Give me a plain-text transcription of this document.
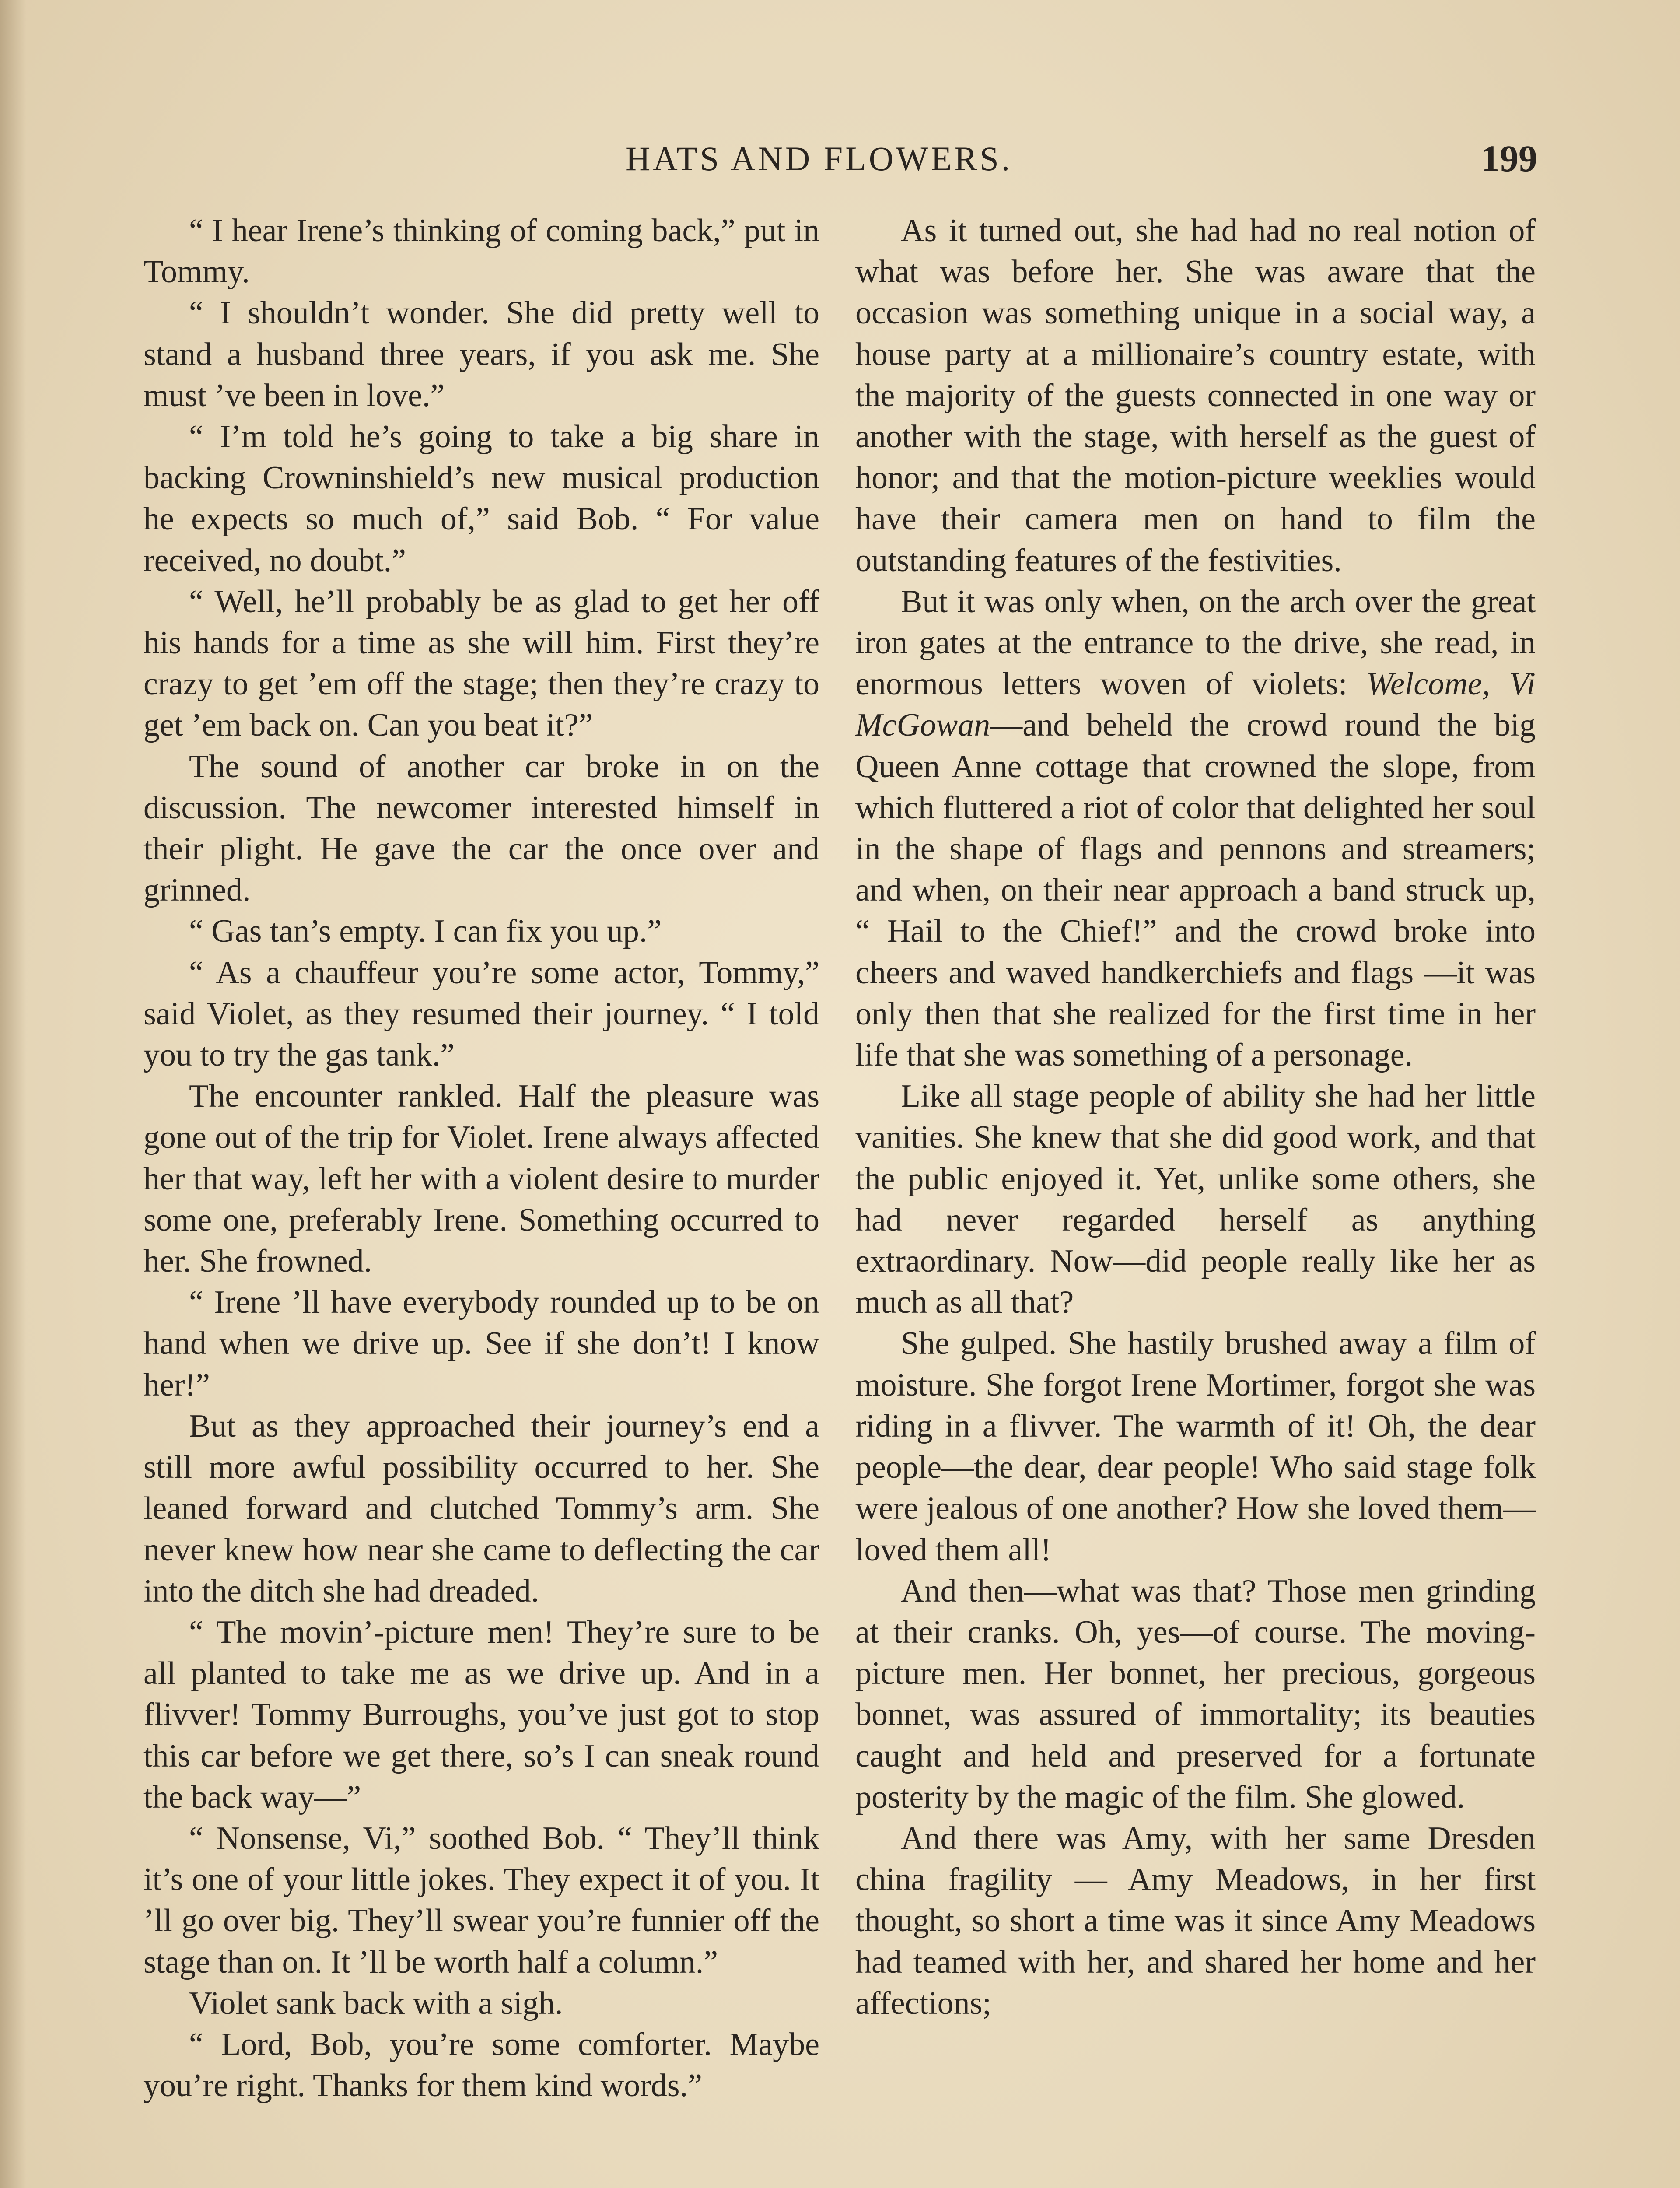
HATS AND FLOWERS.	199

“ I hear Irene’s thinking of coming back,” put in Tommy.

“ I shouldn’t wonder. She did pretty well to stand a husband three years, if you ask me. She must ’ve been in love.”

“ I’m told he’s going to take a big share in backing Crowninshield’s new musical production he expects so much of,” said Bob. “ For value received, no doubt.”

“ Well, he’ll probably be as glad to get her off his hands for a time as she will him. First they’re crazy to get ’em off the stage; then they’re crazy to get ’em back on. Can you beat it?”

The sound of another car broke in on the discussion. The newcomer interested himself in their plight. He gave the car the once over and grinned.

“ Gas tan’s empty. I can fix you up.”

“ As a chauffeur you’re some actor, Tommy,” said Violet, as they resumed their journey. “ I told you to try the gas tank.”

The encounter rankled. Half the pleasure was gone out of the trip for Violet. Irene always affected her that way, left her with a violent desire to murder some one, preferably Irene. Something occurred to her. She frowned.

“ Irene ’ll have everybody rounded up to be on hand when we drive up. See if she don’t! I know her!”

But as they approached their journey’s end a still more awful possibility occurred to her. She leaned forward and clutched Tommy’s arm. She never knew how near she came to deflecting the car into the ditch she had dreaded.

“ The movin’-picture men! They’re sure to be all planted to take me as we drive up. And in a flivver! Tommy Burroughs, you’ve just got to stop this car before we get there, so’s I can sneak round the back way—”

“ Nonsense, Vi,” soothed Bob. “ They’ll think it’s one of your little jokes. They expect it of you. It ’ll go over big. They’ll swear you’re funnier off the stage than on. It ’ll be worth half a column.”

Violet sank back with a sigh.

“ Lord, Bob, you’re some comforter. Maybe you’re right. Thanks for them kind words.”

As it turned out, she had had no real notion of what was before her. She was aware that the occasion was something unique in a social way, a house party at a millionaire’s country estate, with the majority of the guests connected in one way or another with the stage, with herself as the guest of honor; and that the motion-picture weeklies would have their camera men on hand to film the outstanding features of the festivities.

But it was only when, on the arch over the great iron gates at the entrance to the drive, she read, in enormous letters woven of violets: Welcome, Vi McGowan—and beheld the crowd round the big Queen Anne cottage that crowned the slope, from which fluttered a riot of color that delighted her soul in the shape of flags and pennons and streamers; and when, on their near approach a band struck up, “ Hail to the Chief!” and the crowd broke into cheers and waved handkerchiefs and flags —it was only then that she realized for the first time in her life that she was something of a personage.

Like all stage people of ability she had her little vanities. She knew that she did good work, and that the public enjoyed it. Yet, unlike some others, she had never regarded herself as anything extraordinary. Now—did people really like her as much as all that?

She gulped. She hastily brushed away a film of moisture. She forgot Irene Mortimer, forgot she was riding in a flivver. The warmth of it! Oh, the dear people—the dear, dear people! Who said stage folk were jealous of one another? How she loved them—loved them all!

And then—what was that? Those men grinding at their cranks. Oh, yes—of course. The moving-picture men. Her bonnet, her precious, gorgeous bonnet, was assured of immortality; its beauties caught and held and preserved for a fortunate posterity by the magic of the film. She glowed.

And there was Amy, with her same Dresden china fragility — Amy Meadows, in her first thought, so short a time was it since Amy Meadows had teamed with her, and shared her home and her affections;
